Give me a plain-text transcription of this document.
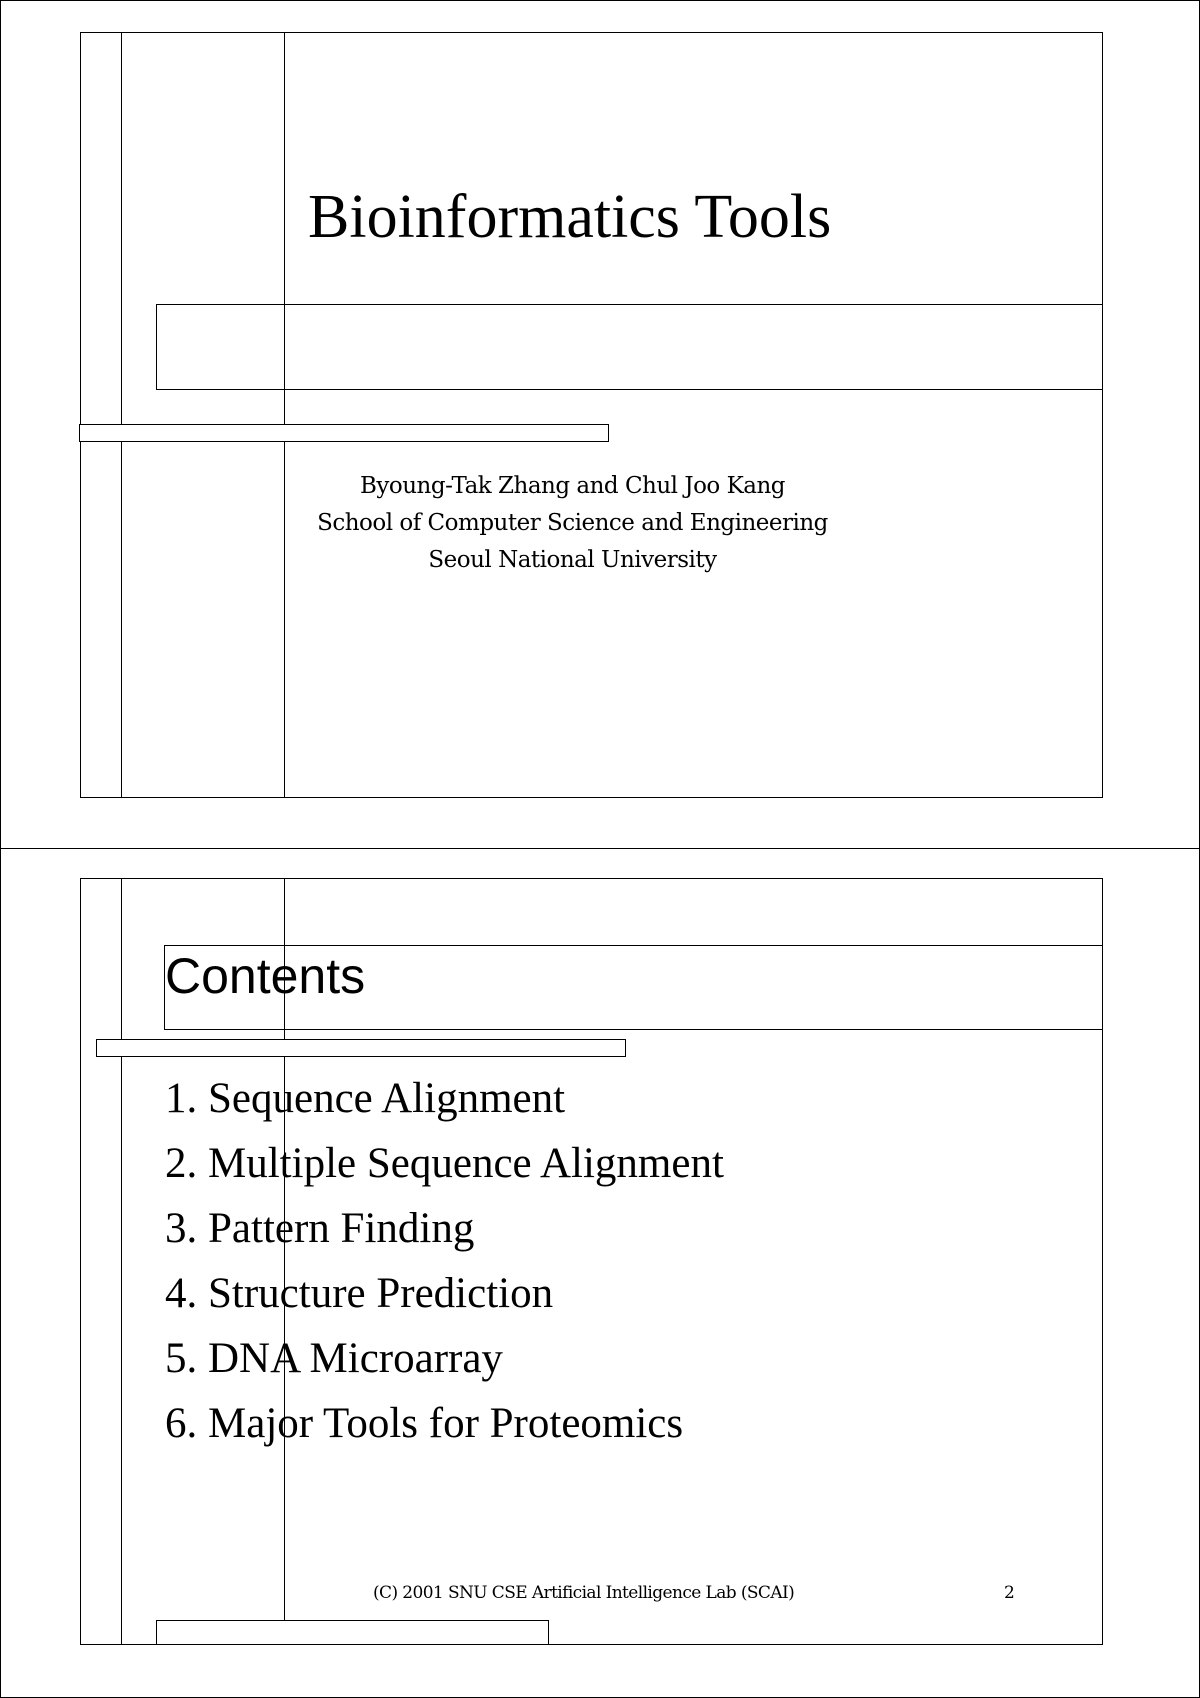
Bioinformatics Tools
Byoung-Tak Zhang and Chul Joo Kang
School of Computer Science and Engineering
Seoul National University
Contents
1. Sequence Alignment
2. Multiple Sequence Alignment
3. Pattern Finding
4. Structure Prediction
5. DNA Microarray
6. Major Tools for Proteomics
(C) 2001 SNU CSE Artificial Intelligence Lab (SCAI)	2
